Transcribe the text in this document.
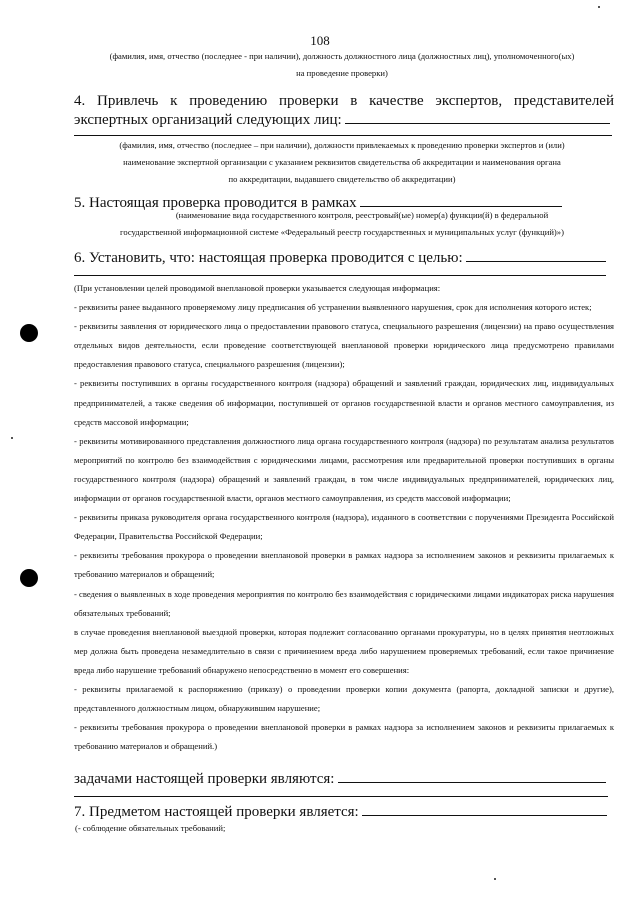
108
(фамилия, имя, отчество (последнее - при наличии), должность должностного лица (должностных лиц), уполномоченного(ых)
на проведение проверки)
4. Привлечь к проведению проверки в качестве экспертов, представителей
экспертных организаций следующих лиц:
(фамилия, имя, отчество (последнее – при наличии), должности привлекаемых к проведению проверки экспертов и (или)
наименование экспертной организации с указанием реквизитов свидетельства об аккредитации и наименования органа
по аккредитации, выдавшего свидетельство об аккредитации)
5. Настоящая проверка проводится в рамках
(наименование вида государственного контроля, реестровый(ые) номер(а) функции(й) в федеральной
государственной информационной системе «Федеральный реестр государственных и муниципальных услуг (функций)»)
6. Установить, что: настоящая проверка проводится с целью:

(При установлении целей проводимой внеплановой проверки указывается следующая информация:

- реквизиты ранее выданного проверяемому лицу предписания об устранении выявленного нарушения, срок для исполнения которого истек;

- реквизиты заявления от юридического лица о предоставлении правового статуса, специального разрешения (лицензии) на право осуществления отдельных видов деятельности, если проведение соответствующей внеплановой проверки юридического лица предусмотрено правилами предоставления правового статуса, специального разрешения (лицензии);

- реквизиты поступивших в органы государственного контроля (надзора) обращений и заявлений граждан, юридических лиц, индивидуальных предпринимателей, а также сведения об информации, поступившей от органов государственной власти и органов местного самоуправления, из средств массовой информации;

- реквизиты мотивированного представления должностного лица органа государственного контроля (надзора) по результатам анализа результатов мероприятий по контролю без взаимодействия с юридическими лицами, рассмотрения или предварительной проверки поступивших в органы государственного контроля (надзора) обращений и заявлений граждан, в том числе индивидуальных предпринимателей, юридических лиц, информации от органов государственной власти, органов местного самоуправления, из средств массовой информации;

- реквизиты приказа руководителя органа государственного контроля (надзора), изданного в соответствии с поручениями Президента Российской Федерации, Правительства Российской Федерации;

- реквизиты требования прокурора о проведении внеплановой проверки в рамках надзора за исполнением законов и реквизиты прилагаемых к требованию материалов и обращений;

- сведения о выявленных в ходе проведения мероприятия по контролю без взаимодействия с юридическими лицами индикаторах риска нарушения обязательных требований;

в случае проведения внеплановой выездной проверки, которая подлежит согласованию органами прокуратуры, но в целях принятия неотложных мер должна быть проведена незамедлительно в связи с причинением вреда либо нарушением проверяемых требований, если такое причинение вреда либо нарушение требований обнаружено непосредственно в момент его совершения:

- реквизиты прилагаемой к распоряжению (приказу) о проведении проверки копии документа (рапорта, докладной записки и другие), представленного должностным лицом, обнаружившим нарушение;

- реквизиты требования прокурора о проведении внеплановой проверки в рамках надзора за исполнением законов и реквизиты прилагаемых к требованию материалов и обращений.)

задачами настоящей проверки являются:
7. Предметом настоящей проверки является:
(- соблюдение обязательных требований;
